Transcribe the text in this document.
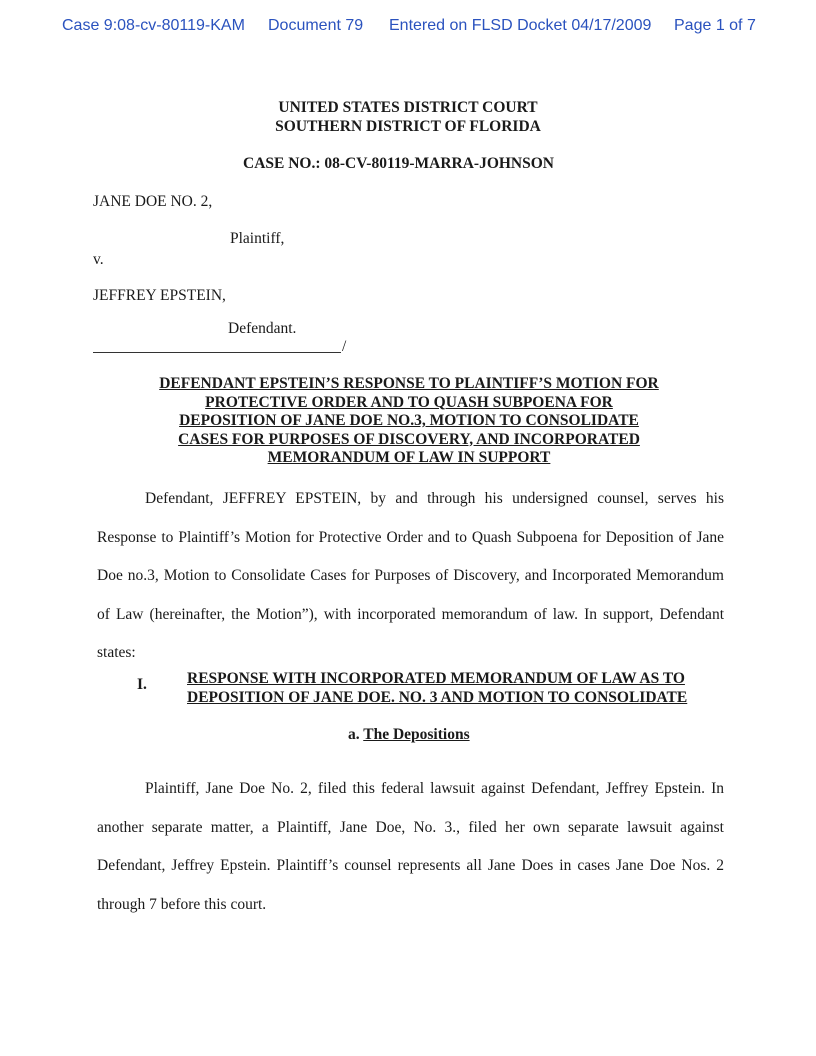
Case 9:08-cv-80119-KAM Document 79 Entered on FLSD Docket 04/17/2009 Page 1 of 7
UNITED STATES DISTRICT COURT
SOUTHERN DISTRICT OF FLORIDA
CASE NO.: 08-CV-80119-MARRA-JOHNSON
JANE DOE NO. 2,
Plaintiff,
v.
JEFFREY EPSTEIN,
Defendant.
/
DEFENDANT EPSTEIN’S RESPONSE TO PLAINTIFF’S MOTION FOR
PROTECTIVE ORDER AND TO QUASH SUBPOENA FOR
DEPOSITION OF JANE DOE NO.3, MOTION TO CONSOLIDATE
CASES FOR PURPOSES OF DISCOVERY, AND INCORPORATED
MEMORANDUM OF LAW IN SUPPORT
Defendant, JEFFREY EPSTEIN, by and through his undersigned counsel, serves his Response to Plaintiff’s Motion for Protective Order and to Quash Subpoena for Deposition of Jane Doe no.3, Motion to Consolidate Cases for Purposes of Discovery, and Incorporated Memorandum of Law (hereinafter, the Motion”), with incorporated memorandum of law. In support, Defendant states:
I.	RESPONSE WITH INCORPORATED MEMORANDUM OF LAW AS TO
DEPOSITION OF JANE DOE. NO. 3 AND MOTION TO CONSOLIDATE
a. The Depositions
Plaintiff, Jane Doe No. 2, filed this federal lawsuit against Defendant, Jeffrey Epstein. In another separate matter, a Plaintiff, Jane Doe, No. 3., filed her own separate lawsuit against Defendant, Jeffrey Epstein. Plaintiff’s counsel represents all Jane Does in cases Jane Doe Nos. 2 through 7 before this court.
